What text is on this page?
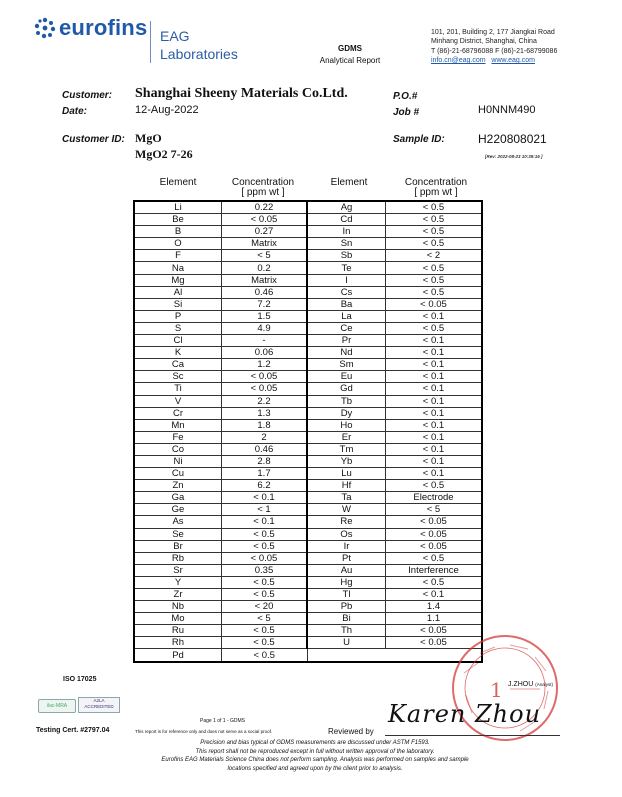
eurofins EAG
Laboratories	GDMS
Analytical Report
101, 201, Building 2, 177 Jiangkai Road
Minhang District, Shanghai, China
T (86)-21-68796088 F (86)-21-68799086
info.cn@eag.com www.eag.com
Customer: Shanghai Sheeny Materials Co.Ltd.
Date:	12-Aug-2022
P.O.#
Job #	H0NNM490
Customer ID: MgO
MgO2 7-26
Sample ID:	H220808021
[Rev: 2022-08-23 10:39:16 ]
Element	Concentration
[ ppm wt ]
Element	Concentration
[ ppm wt ]
Li	0.22	Ag	< 0.5
Be	< 0.05	Cd	< 0.5
B	0.27	In	< 0.5
O	Matrix	Sn	< 0.5
F	< 5	Sb	< 2
Na	0.2	Te	< 0.5
Mg	Matrix	I	< 0.5
Al	0.46	Cs	< 0.5
Si	7.2	Ba	< 0.05
P	1.5	La	< 0.1
S	4.9	Ce	< 0.5
Cl	-	Pr	< 0.1
K	0.06	Nd	< 0.1
Ca	1.2	Sm	< 0.1
Sc	< 0.05	Eu	< 0.1
Ti	< 0.05	Gd	< 0.1
V	2.2	Tb	< 0.1
Cr	1.3	Dy	< 0.1
Mn	1.8	Ho	< 0.1
Fe	2	Er	< 0.1
Co	0.46	Tm	< 0.1
Ni	2.8	Yb	< 0.1
Cu	1.7	Lu	< 0.1
Zn	6.2	Hf	< 0.5
Ga	< 0.1	Ta	Electrode
Ge	< 1	W	< 5
As	< 0.1	Re	< 0.05
Se	< 0.5	Os	< 0.05
Br	< 0.5	Ir	< 0.05
Rb	< 0.05	Pt	< 0.5
Sr	0.35	Au	Interference
Y	< 0.5	Hg	< 0.5
Zr	< 0.5	Tl	< 0.1
Nb	< 20	Pb	1.4
Mo	< 5	Bi	1.1
Ru	< 0.5	Th	< 0.05
Rh	< 0.5	U	< 0.05
Pd	< 0.5		
ISO 17025
ilac-MRA
A2LA
ACCREDITED
Testing Cert. #2797.04
Page 1 of 1 - GDMS
This report is for reference only and does not serve as a social proof.	Reviewed by
1
Karen Zhou
J.ZHOU (Analyst)
Precision and bias typical of GDMS measurements are discussed under ASTM F1593.
This report shall not be reproduced except in full without written approval of the laboratory.
Eurofins EAG Materials Science China does not perform sampling. Analysis was performed on samples and sample
locations specified and agreed upon by the client prior to analysis.
